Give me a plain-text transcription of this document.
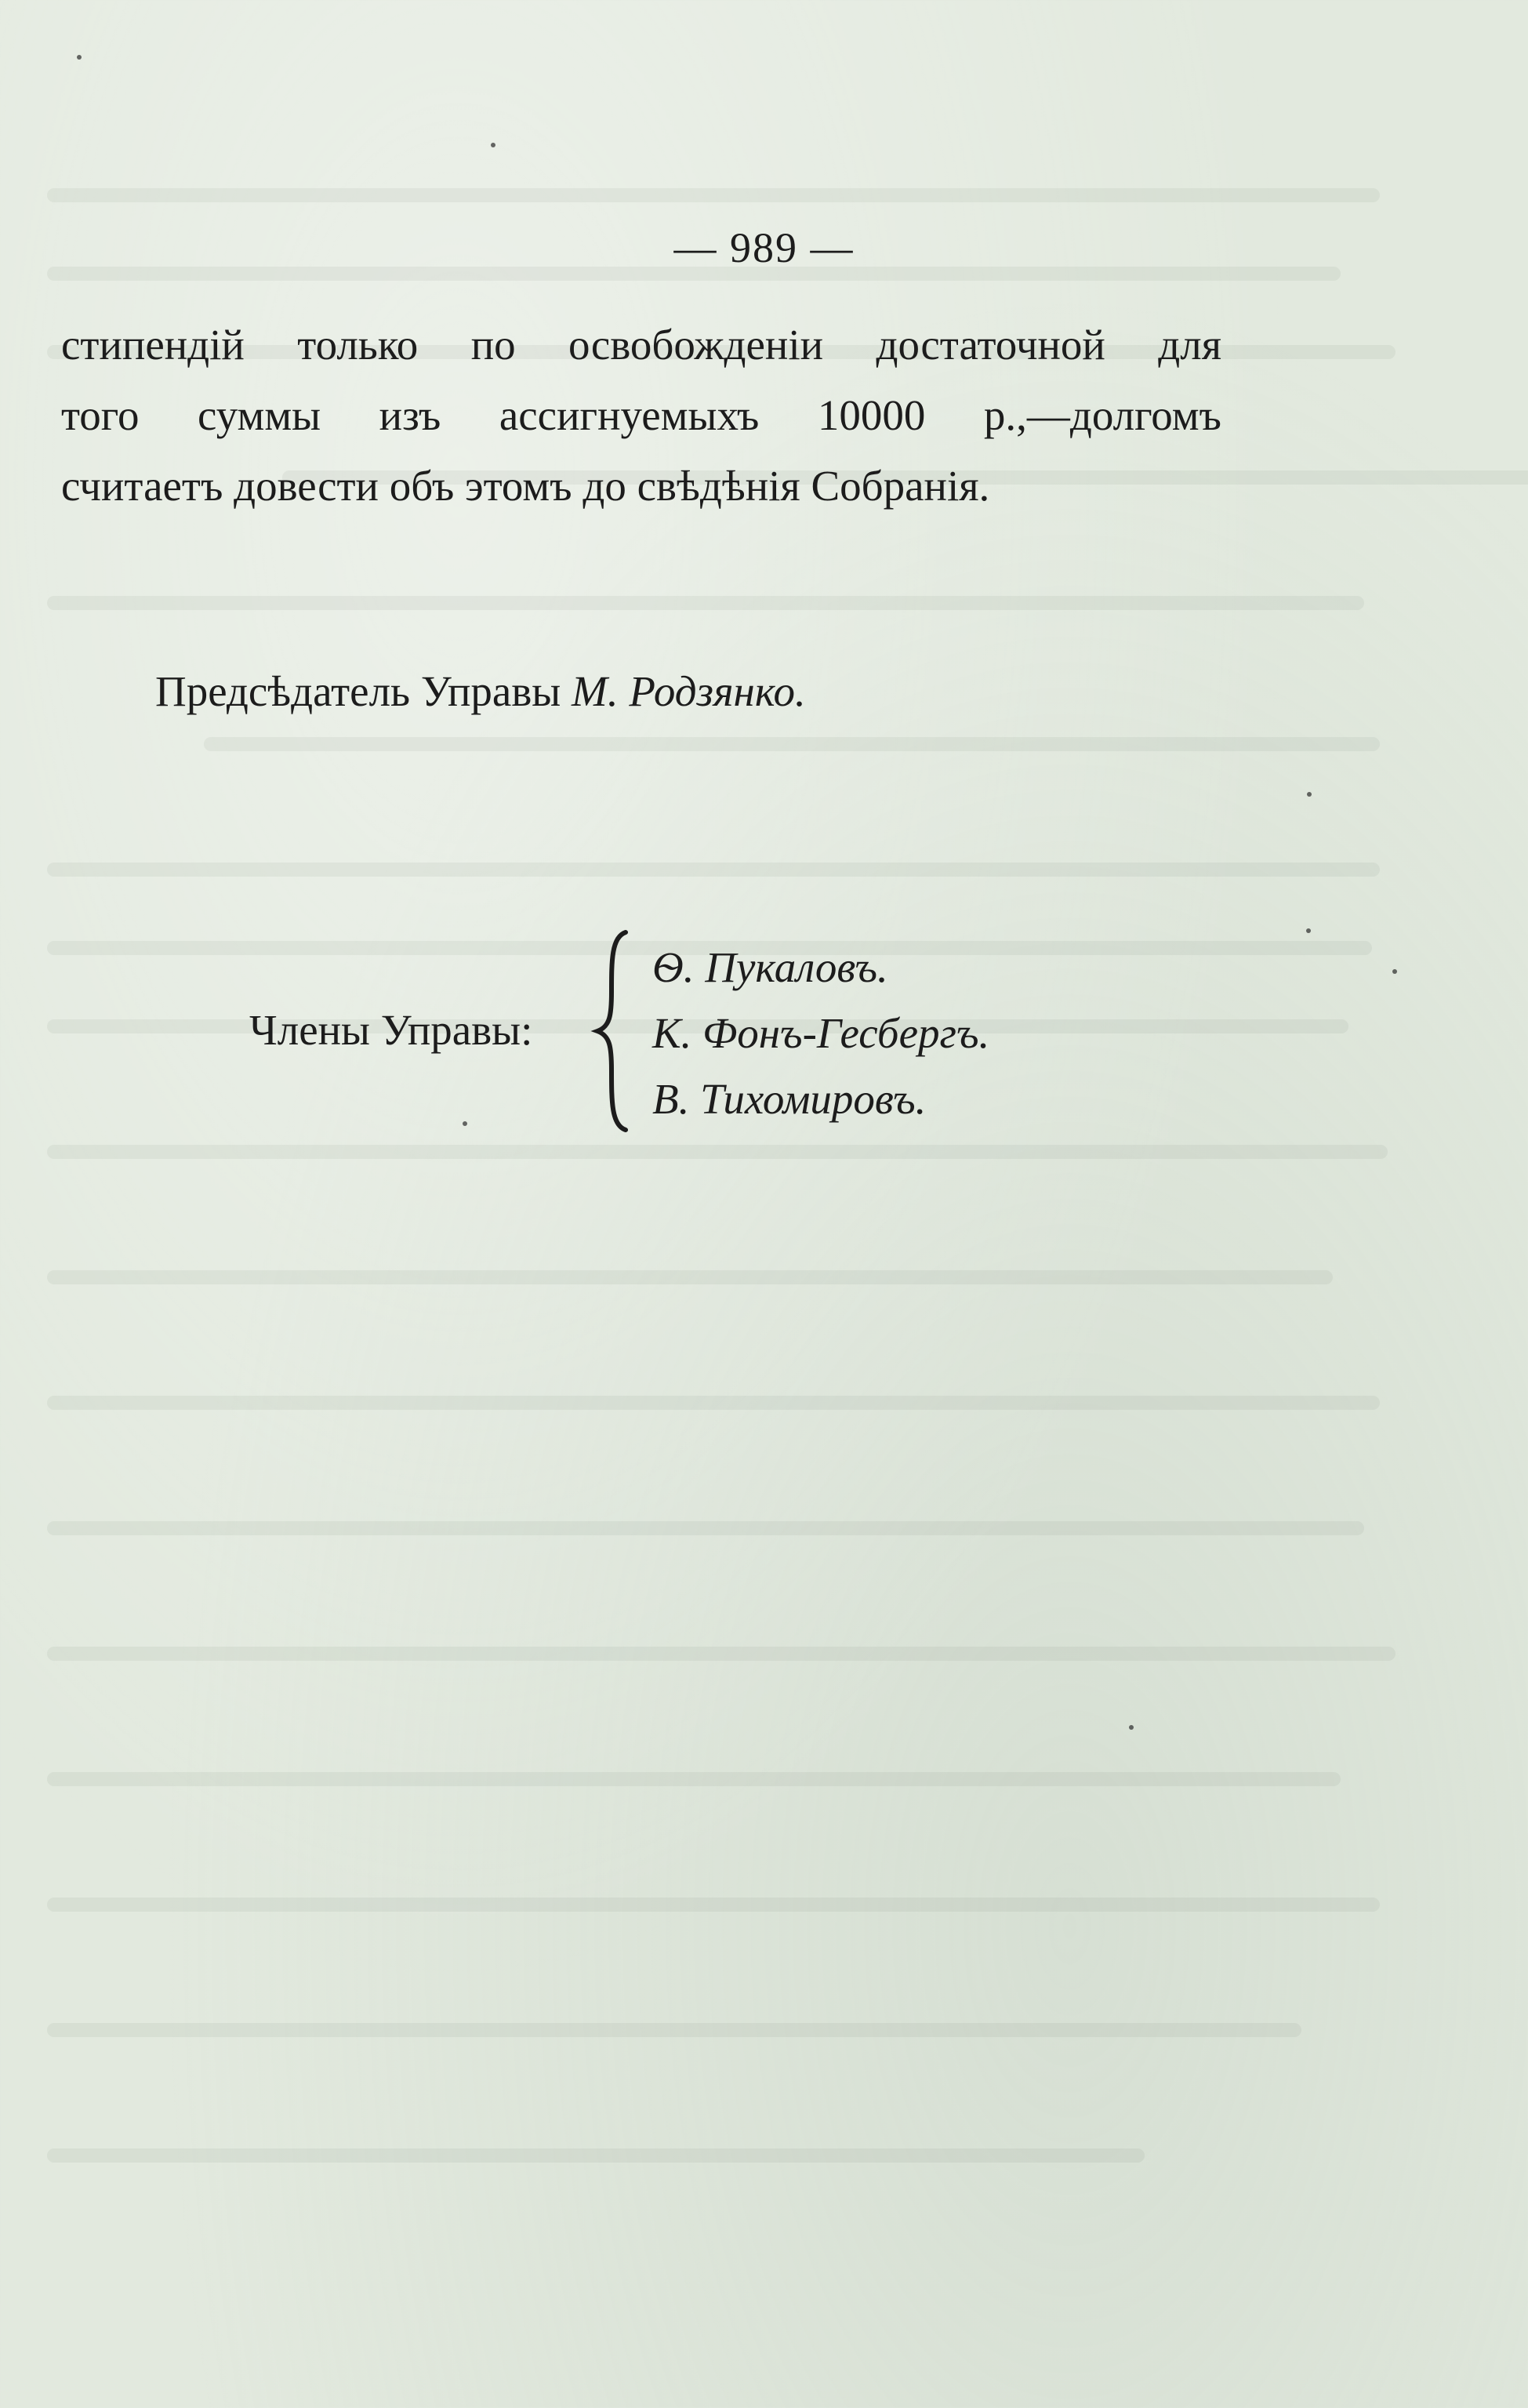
— 989 —
стипендій только по освобожденіи достаточной для
того суммы изъ ассигнуемыхъ 10000 р.,—долгомъ
считаетъ довести объ этомъ до свѣдѣнія Собранія.
Предсѣдатель Управы М. Родзянко.
Члены Управы:
Ѳ. Пукаловъ.
К. Фонъ-Гесбергъ.
В. Тихомировъ.
